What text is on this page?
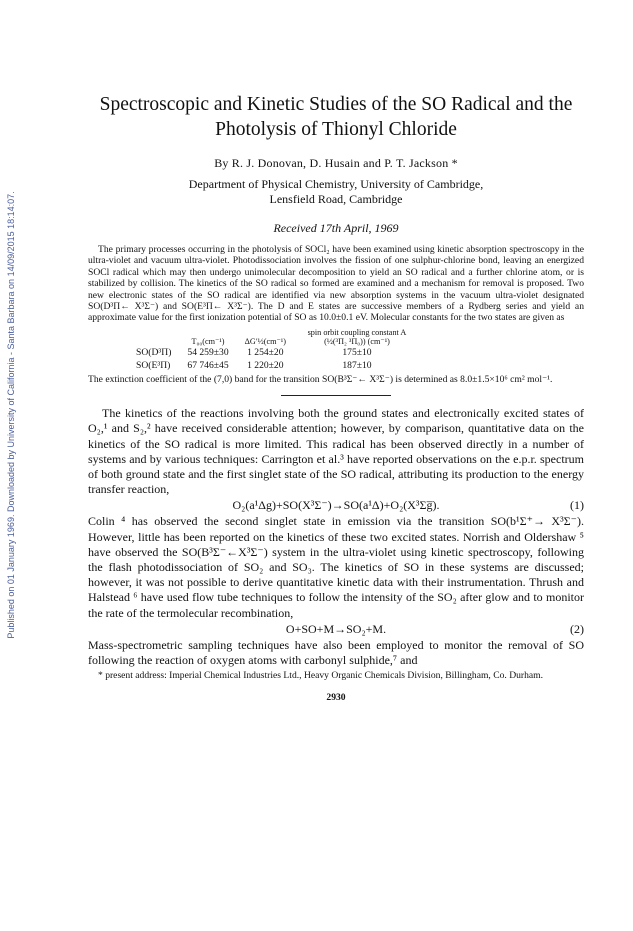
Published on 01 January 1969. Downloaded by University of California - Santa Barbara on 14/09/2015 18:14:07.
Spectroscopic and Kinetic Studies of the SO Radical and the Photolysis of Thionyl Chloride
By R. J. Donovan, D. Husain and P. T. Jackson *
Department of Physical Chemistry, University of Cambridge,
Lensfield Road, Cambridge
Received 17th April, 1969
The primary processes occurring in the photolysis of SOCl₂ have been examined using kinetic absorption spectroscopy in the ultra-violet and vacuum ultra-violet. Photodissociation involves the fission of one sulphur-chlorine bond, leaving an energized SOCl radical which may then undergo unimolecular decomposition to yield an SO radical and a further chlorine atom, or is stabilized by collision. The kinetics of the SO radical so formed are examined and a mechanism for removal is proposed. Two new electronic states of the SO radical are identified via new absorption systems in the vacuum ultra-violet designated SO(D³Π← X³Σ⁻) and SO(E³Π← X³Σ⁻). The D and E states are successive members of a Rydberg series and yield an approximate value for the first ionization potential of SO as 10.0±0.1 eV. Molecular constants for the two states are given as
	T₀₀(cm⁻¹)	ΔG′½(cm⁻¹)	spin orbit coupling constant A (½(³Π₂ ³Π₀)) (cm⁻¹)
SO(D³Π)	54 259±30	1 254±20	175±10
SO(E³Π)	67 746±45	1 220±20	187±10
The extinction coefficient of the (7,0) band for the transition SO(B³Σ⁻← X³Σ⁻) is determined as 8.0±1.5×10⁶ cm² mol⁻¹.

The kinetics of the reactions involving both the ground states and electronically excited states of O₂,¹ and S₂,² have received considerable attention; however, by comparison, quantitative data on the kinetics of the SO radical is more limited. This radical has been observed directly in a number of systems and by various techniques: Carrington et al.³ have reported observations on the e.p.r. spectrum of both ground state and the first singlet state of the SO radical, attributing its production to the energy transfer reaction,

O₂(a¹Δg)+SO(X³Σ⁻)→SO(a¹Δ)+O₂(X³Σg̅).	(1)

Colin ⁴ has observed the second singlet state in emission via the transition SO(b¹Σ⁺→ X³Σ⁻). However, little has been reported on the kinetics of these two excited states. Norrish and Oldershaw ⁵ have observed the SO(B³Σ⁻←X³Σ⁻) system in the ultra-violet using kinetic spectroscopy, following the flash photodissociation of SO₂ and SO₃. The kinetics of SO in these systems are discussed; however, it was not possible to derive quantitative kinetic data with their instrumentation. Thrush and Halstead ⁶ have used flow tube techniques to follow the intensity of the SO₂ after glow and to monitor the rate of the termolecular recombination,

O+SO+M→SO₂+M.	(2)

Mass-spectrometric sampling techniques have also been employed to monitor the removal of SO following the reaction of oxygen atoms with carbonyl sulphide,⁷ and

* present address: Imperial Chemical Industries Ltd., Heavy Organic Chemicals Division, Billingham, Co. Durham.
2930
